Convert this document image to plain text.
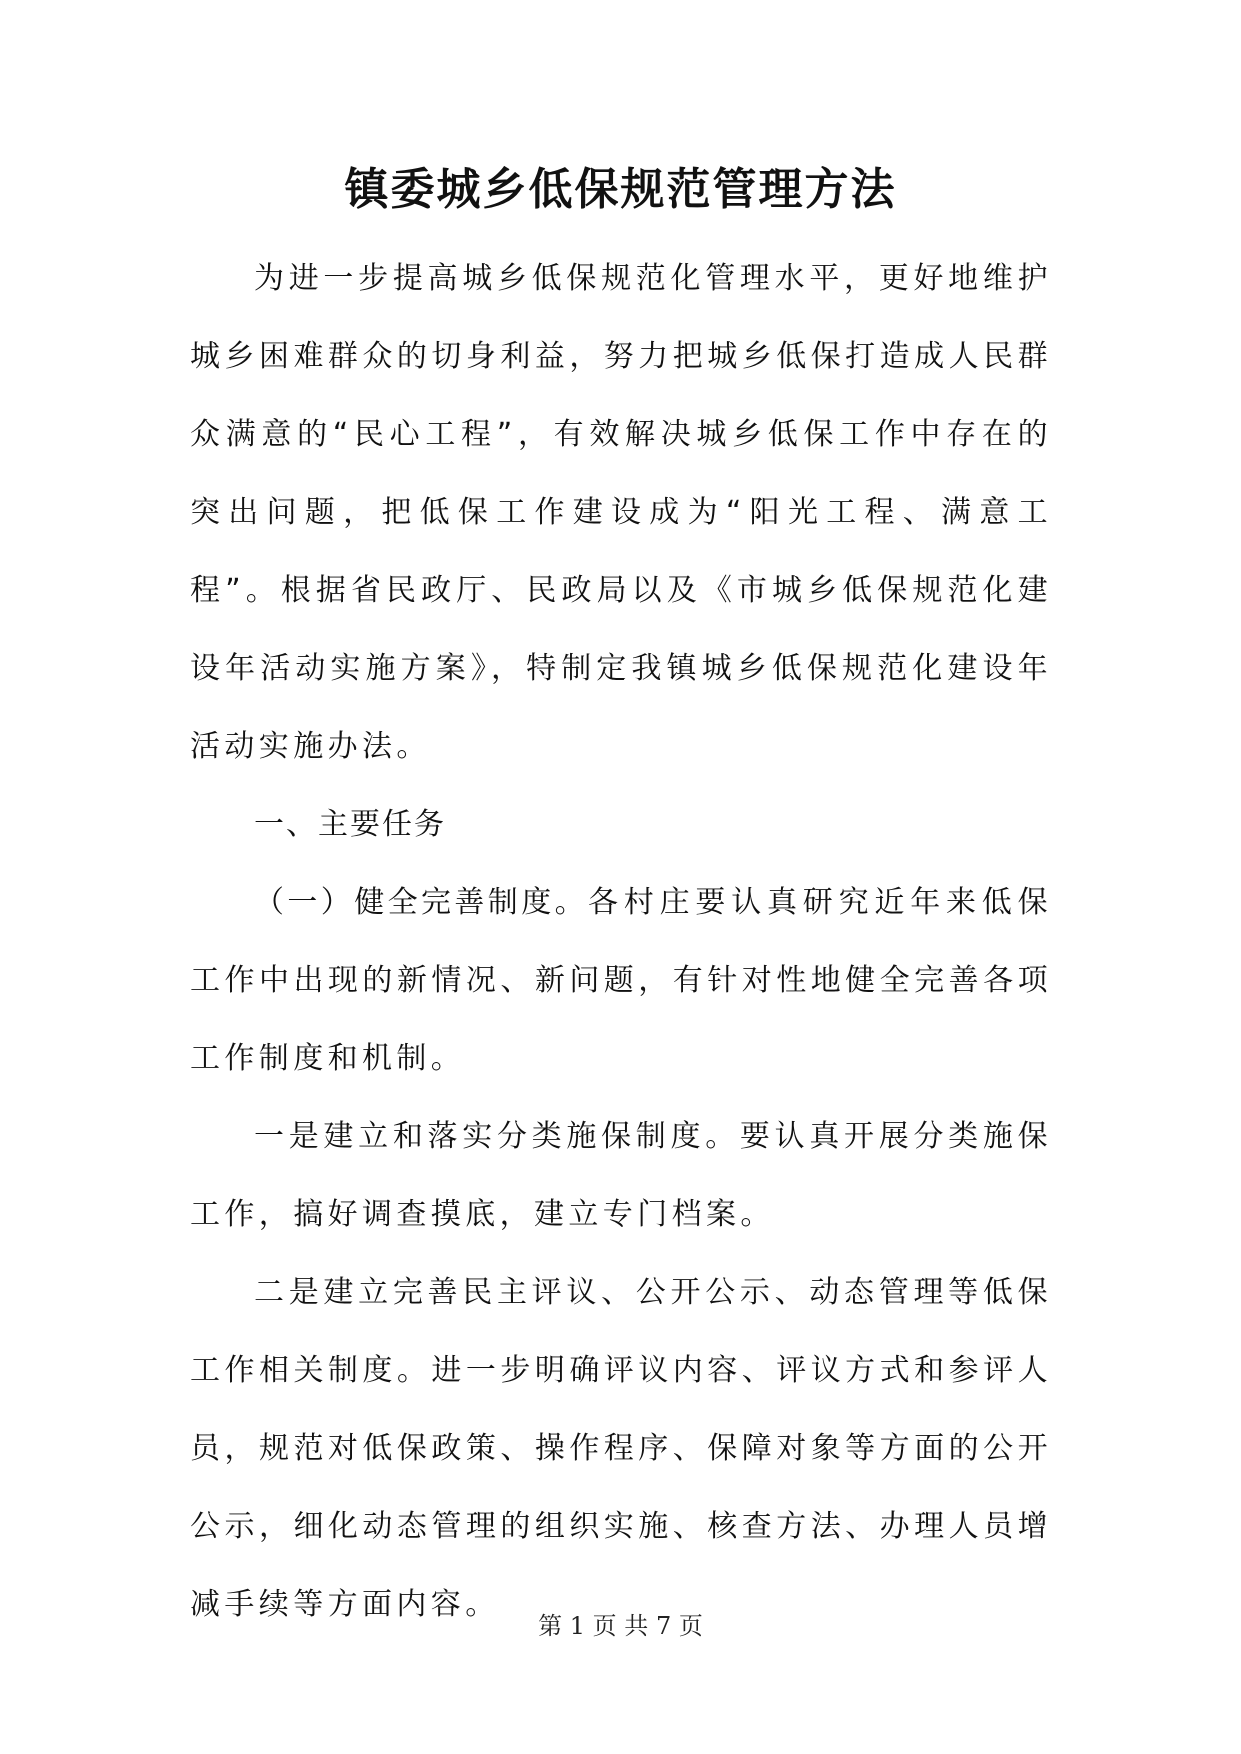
镇委城乡低保规范管理方法

为进一步提高城乡低保规范化管理水平，更好地维护城乡困难群众的切身利益，努力把城乡低保打造成人民群众满意的“民心工程”，有效解决城乡低保工作中存在的突出问题，把低保工作建设成为“阳光工程、满意工程”。根据省民政厅、民政局以及《市城乡低保规范化建设年活动实施方案》，特制定我镇城乡低保规范化建设年活动实施办法。

一、主要任务

（一）健全完善制度。各村庄要认真研究近年来低保工作中出现的新情况、新问题，有针对性地健全完善各项工作制度和机制。

一是建立和落实分类施保制度。要认真开展分类施保工作，搞好调查摸底，建立专门档案。

二是建立完善民主评议、公开公示、动态管理等低保工作相关制度。进一步明确评议内容、评议方式和参评人员，规范对低保政策、操作程序、保障对象等方面的公开公示，细化动态管理的组织实施、核查方法、办理人员增减手续等方面内容。

第 1 页 共 7 页
